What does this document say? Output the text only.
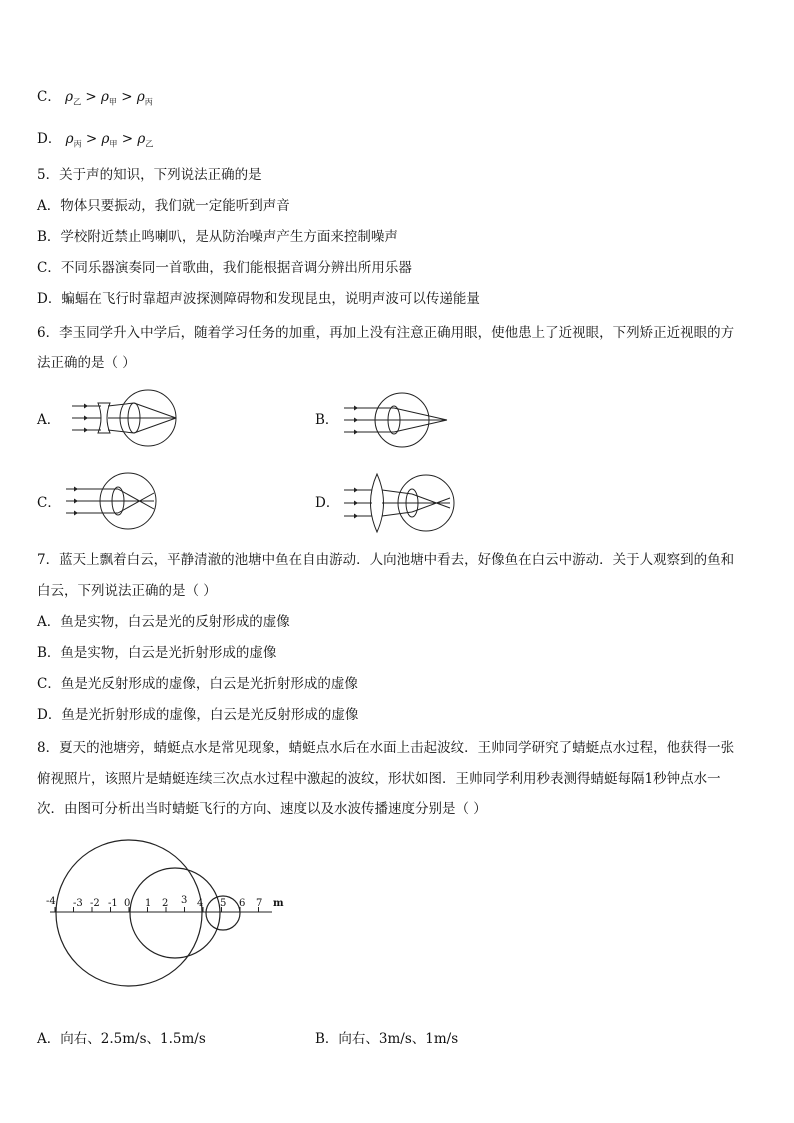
C． $\rho_乙 > \rho_甲 > \rho_丙$
D． $\rho_丙 > \rho_甲 > \rho_乙$
5．关于声的知识，下列说法正确的是
A．物体只要振动，我们就一定能听到声音
B．学校附近禁止鸣喇叭，是从防治噪声产生方面来控制噪声
C．不同乐器演奏同一首歌曲，我们能根据音调分辨出所用乐器
D．蝙蝠在飞行时靠超声波探测障碍物和发现昆虫，说明声波可以传递能量
6．李玉同学升入中学后，随着学习任务的加重，再加上没有注意正确用眼，使他患上了近视眼，下列矫正近视眼的方
法正确的是（ ）
A．	B．
C．	D．
7．蓝天上飘着白云，平静清澈的池塘中鱼在自由游动．人向池塘中看去，好像鱼在白云中游动．关于人观察到的鱼和
白云，下列说法正确的是（ ）
A．鱼是实物，白云是光的反射形成的虚像
B．鱼是实物，白云是光折射形成的虚像
C．鱼是光反射形成的虚像，白云是光折射形成的虚像
D．鱼是光折射形成的虚像，白云是光反射形成的虚像
8．夏天的池塘旁，蜻蜓点水是常见现象，蜻蜓点水后在水面上击起波纹．王帅同学研究了蜻蜓点水过程，他获得一张
俯视照片，该照片是蜻蜓连续三次点水过程中激起的波纹，形状如图．王帅同学利用秒表测得蜻蜓每隔1秒钟点水一
次．由图可分析出当时蜻蜓飞行的方向、速度以及水波传播速度分别是（ ）
-4 -3 -2 -1 0 1 2 3 4 5 6 7 m
A．向右、2.5m/s、1.5m/s	B．向右、3m/s、1m/s
